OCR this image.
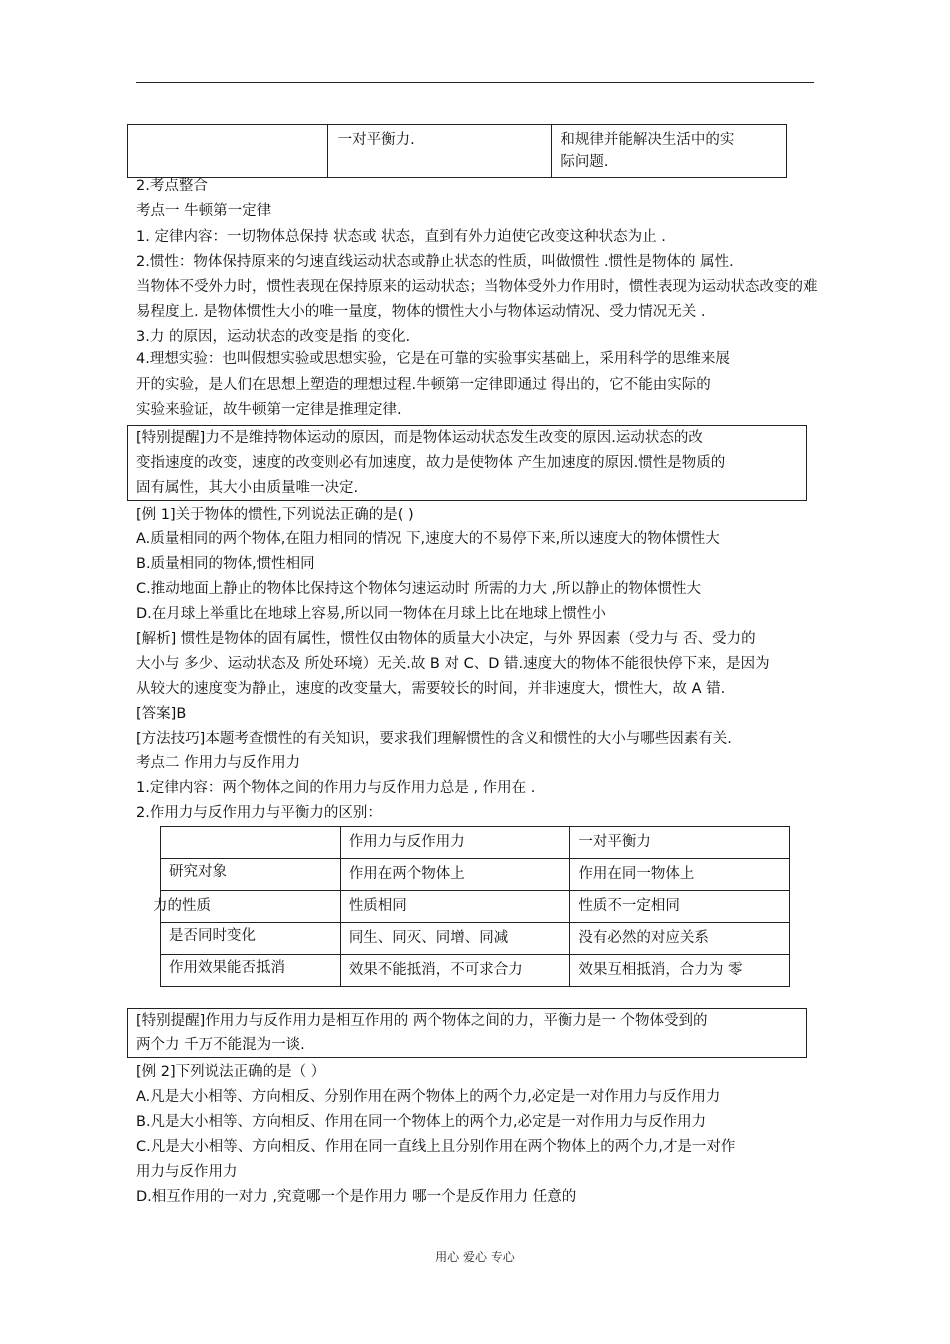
一对平衡力.	和规律并能解决生活中的实
际问题.
2.考点整合
考点一 牛顿第一定律
1. 定律内容：一切物体总保持 状态或 状态，直到有外力迫使它改变这种状态为止 .
2.惯性：物体保持原来的匀速直线运动状态或静止状态的性质，叫做惯性 .惯性是物体的 属性.
当物体不受外力时，惯性表现在保持原来的运动状态；当物体受外力作用时，惯性表现为运动状态改变的难
易程度上. 是物体惯性大小的唯一量度，物体的惯性大小与物体运动情况、受力情况无关 .
3.力 的原因，运动状态的改变是指 的变化.
4.理想实验：也叫假想实验或思想实验，它是在可靠的实验事实基础上，采用科学的思维来展
开的实验，是人们在思想上塑造的理想过程.牛顿第一定律即通过 得出的，它不能由实际的
实验来验证，故牛顿第一定律是推理定律.
[特别提醒]力不是维持物体运动的原因，而是物体运动状态发生改变的原因.运动状态的改
变指速度的改变，速度的改变则必有加速度，故力是使物体 产生加速度的原因.惯性是物质的
固有属性，其大小由质量唯一决定.
[例 1]关于物体的惯性,下列说法正确的是( )
A.质量相同的两个物体,在阻力相同的情况 下,速度大的不易停下来,所以速度大的物体惯性大
B.质量相同的物体,惯性相同
C.推动地面上静止的物体比保持这个物体匀速运动时 所需的力大 ,所以静止的物体惯性大
D.在月球上举重比在地球上容易,所以同一物体在月球上比在地球上惯性小
[解析] 惯性是物体的固有属性，惯性仅由物体的质量大小决定，与外 界因素（受力与 否、受力的
大小与 多少、运动状态及 所处环境）无关.故 B 对 C、D 错.速度大的物体不能很快停下来，是因为
从较大的速度变为静止，速度的改变量大，需要较长的时间，并非速度大，惯性大，故 A 错.
[答案]B
[方法技巧]本题考查惯性的有关知识，要求我们理解惯性的含义和惯性的大小与哪些因素有关.
考点二 作用力与反作用力
1.定律内容：两个物体之间的作用力与反作用力总是 , 作用在 .
2.作用力与反作用力与平衡力的区别：

	作用力与反作用力	一对平衡力

研究对象	作用在两个物体上	作用在同一物体上

力的性质	性质相同	性质不一定相同

是否同时变化	同生、同灭、同增、同减	没有必然的对应关系

作用效果能否抵消	效果不能抵消，不可求合力	效果互相抵消，合力为 零
[特别提醒]作用力与反作用力是相互作用的 两个物体之间的力，平衡力是一 个物体受到的
两个力 千万不能混为一谈.
[例 2]下列说法正确的是（ ）
A.凡是大小相等、方向相反、分别作用在两个物体上的两个力,必定是一对作用力与反作用力
B.凡是大小相等、方向相反、作用在同一个物体上的两个力,必定是一对作用力与反作用力
C.凡是大小相等、方向相反、作用在同一直线上且分别作用在两个物体上的两个力,才是一对作
用力与反作用力
D.相互作用的一对力 ,究竟哪一个是作用力 哪一个是反作用力 任意的
用心 爱心 专心
